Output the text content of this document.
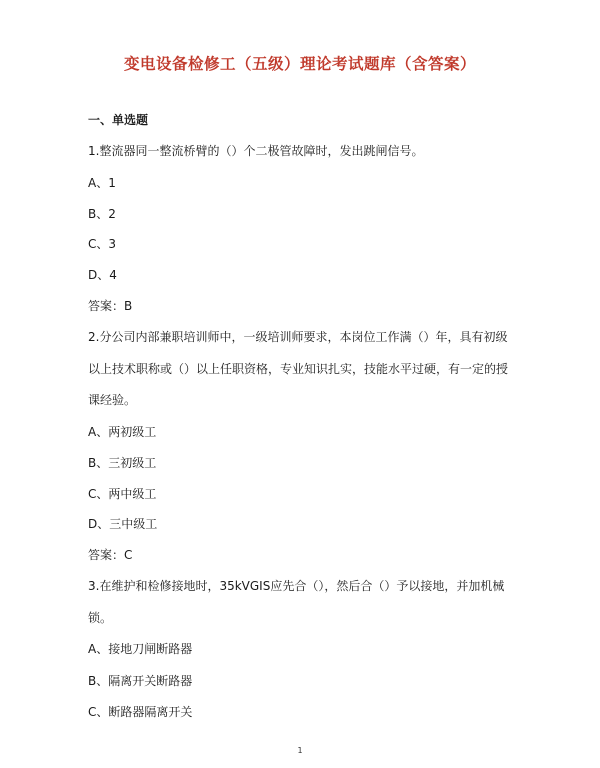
变电设备检修工（五级）理论考试题库（含答案）
一、单选题
1.整流器同一整流桥臂的（）个二极管故障时，发出跳闸信号。
A、1
B、2
C、3
D、4
答案：B
2.分公司内部兼职培训师中，一级培训师要求，本岗位工作满（）年，具有初级
以上技术职称或（）以上任职资格，专业知识扎实，技能水平过硬，有一定的授
课经验。
A、两初级工
B、三初级工
C、两中级工
D、三中级工
答案：C
3.在维护和检修接地时，35kVGIS应先合（），然后合（）予以接地，并加机械
锁。
A、接地刀闸断路器
B、隔离开关断路器
C、断路器隔离开关
1
